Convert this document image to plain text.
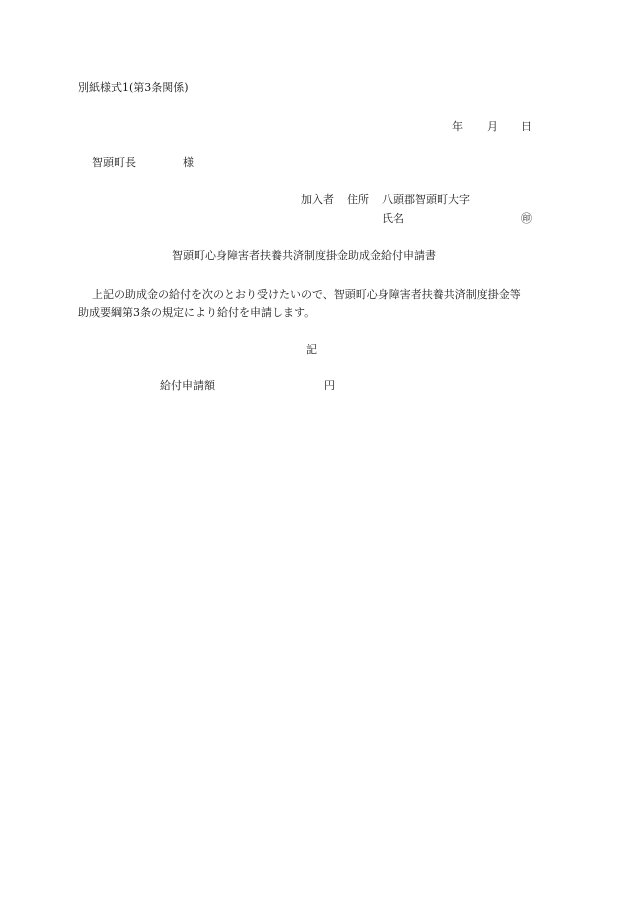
別紙様式1(第3条関係)
年 月 日
智頭町長	様
加入者 住所 八頭郡智頭町大字
氏名	㊞
智頭町心身障害者扶養共済制度掛金助成金給付申請書
上記の助成金の給付を次のとおり受けたいので、智頭町心身障害者扶養共済制度掛金等
助成要綱第3条の規定により給付を申請します。
記
給付申請額	円
